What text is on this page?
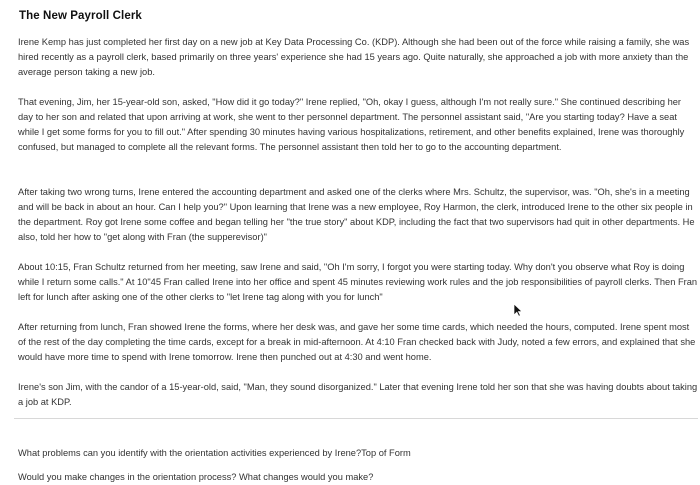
The New Payroll Clerk

Irene Kemp has just completed her first day on a new job at Key Data Processing Co. (KDP). Although she had been out of the force while raising a family, she was hired recently as a payroll clerk, based primarily on three years' experience she had 15 years ago. Quite naturally, she approached a job with more anxiety than the average person taking a new job.

That evening, Jim, her 15-year-old son, asked, "How did it go today?" Irene replied, "Oh, okay I guess, although I'm not really sure." She continued describing her day to her son and related that upon arriving at work, she went to ther personnel department. The personnel assistant said, "Are you starting today? Have a seat while I get some forms for you to fill out." After spending 30 minutes having various hospitalizations, retirement, and other benefits explained, Irene was thoroughly confused, but managed to complete all the relevant forms. The personnel assistant then told her to go to the accounting department.

After taking two wrong turns, Irene entered the accounting department and asked one of the clerks where Mrs. Schultz, the supervisor, was. "Oh, she's in a meeting and will be back in about an hour. Can I help you?" Upon learning that Irene was a new employee, Roy Harmon, the clerk, introduced Irene to the other six people in the department. Roy got Irene some coffee and began telling her "the true story" about KDP, including the fact that two supervisors had quit in other departments. He also, told her how to "get along with Fran (the supperevisor)"

About 10:15, Fran Schultz returned from her meeting, saw Irene and said, "Oh I'm sorry, I forgot you were starting today. Why don't you observe what Roy is doing while I return some calls." At 10"45 Fran called Irene into her office and spent 45 minutes reviewing work rules and the job responsibilities of payroll clerks. Then Fran left for lunch after asking one of the other clerks to "let Irene tag along with you for lunch"

After returning from lunch, Fran showed Irene the forms, where her desk was, and gave her some time cards, which needed the hours, computed. Irene spent most of the rest of the day completing the time cards, except for a break in mid-afternoon. At 4:10 Fran checked back with Judy, noted a few errors, and explained that she would have more time to spend with Irene tomorrow. Irene then punched out at 4:30 and went home.

Irene's son Jim, with the candor of a 15-year-old, said, "Man, they sound disorganized." Later that evening Irene told her son that she was having doubts about taking a job at KDP.

What problems can you identify with the orientation activities experienced by Irene?Top of Form
Would you make changes in the orientation process? What changes would you make?
